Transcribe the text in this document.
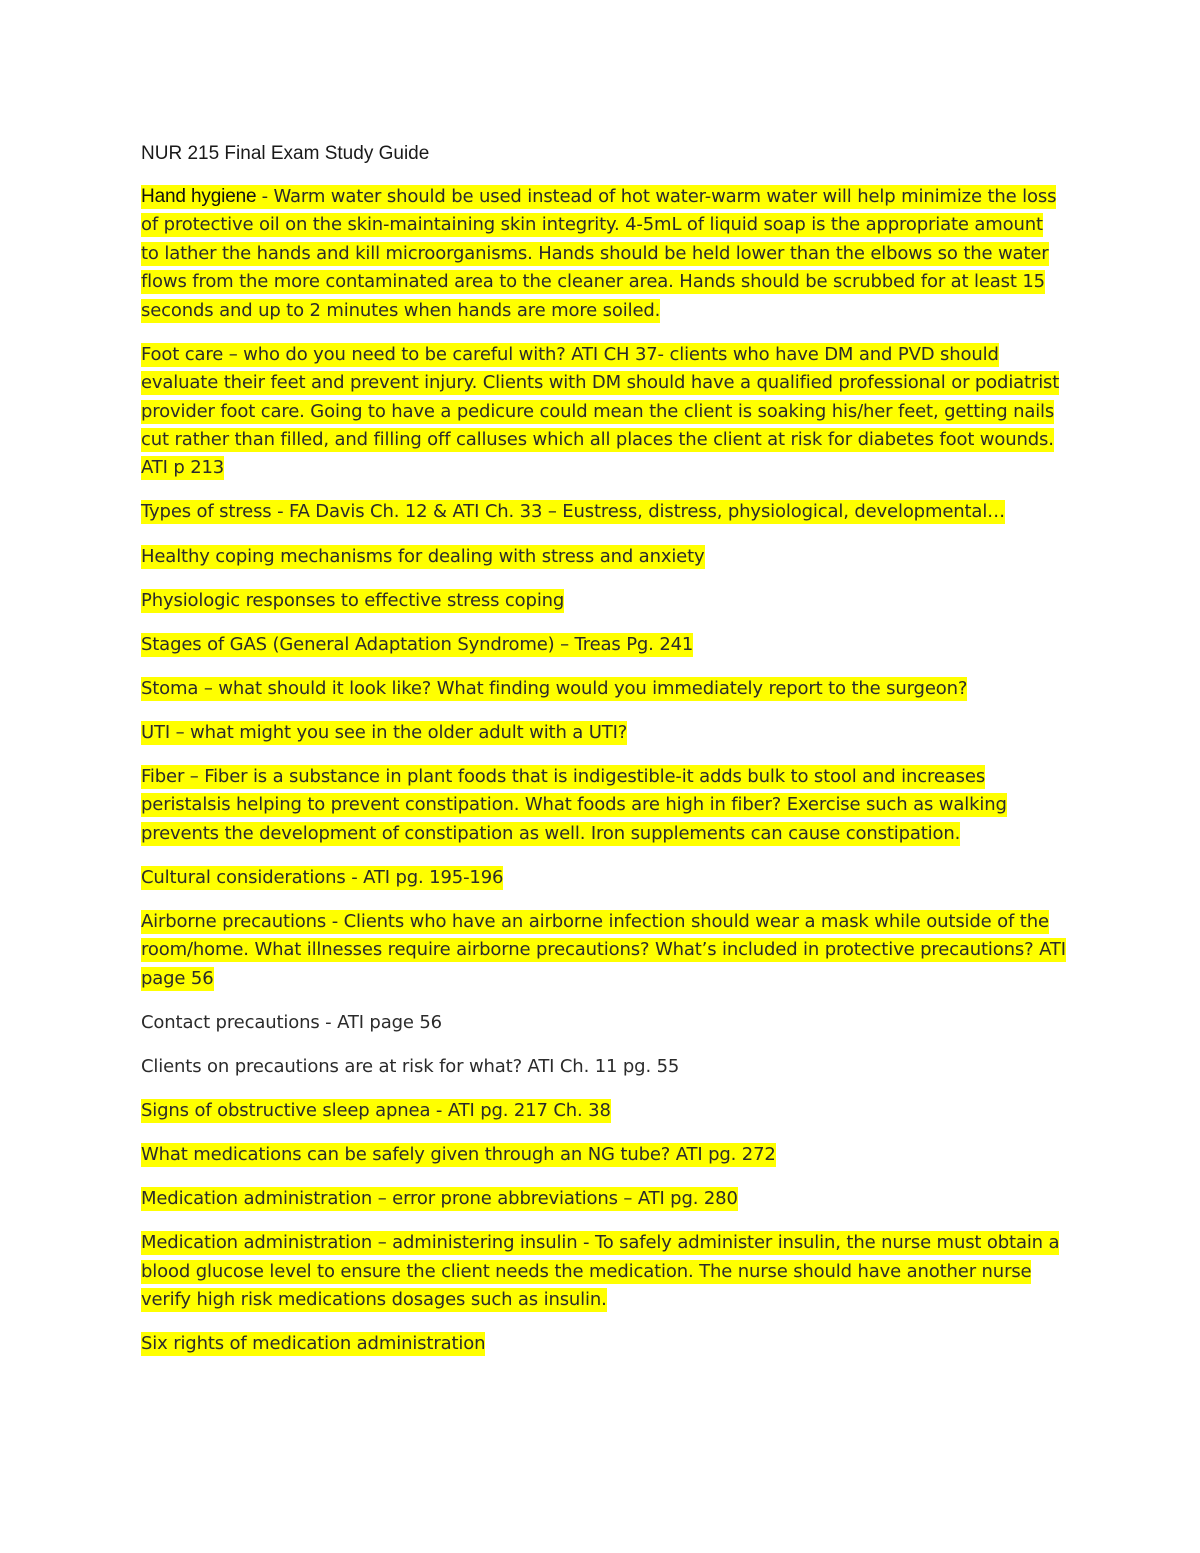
NUR 215 Final Exam Study Guide

Hand hygiene - Warm water should be used instead of hot water-warm water will help minimize the loss of protective oil on the skin-maintaining skin integrity. 4-5mL of liquid soap is the appropriate amount to lather the hands and kill microorganisms. Hands should be held lower than the elbows so the water flows from the more contaminated area to the cleaner area. Hands should be scrubbed for at least 15 seconds and up to 2 minutes when hands are more soiled.

Foot care – who do you need to be careful with? ATI CH 37- clients who have DM and PVD should evaluate their feet and prevent injury. Clients with DM should have a qualified professional or podiatrist provider foot care. Going to have a pedicure could mean the client is soaking his/her feet, getting nails cut rather than filled, and filling off calluses which all places the client at risk for diabetes foot wounds. ATI p 213

Types of stress - FA Davis Ch. 12 & ATI Ch. 33 – Eustress, distress, physiological, developmental…

Healthy coping mechanisms for dealing with stress and anxiety

Physiologic responses to effective stress coping

Stages of GAS (General Adaptation Syndrome) – Treas Pg. 241

Stoma – what should it look like? What finding would you immediately report to the surgeon?

UTI – what might you see in the older adult with a UTI?

Fiber – Fiber is a substance in plant foods that is indigestible-it adds bulk to stool and increases peristalsis helping to prevent constipation. What foods are high in fiber? Exercise such as walking prevents the development of constipation as well. Iron supplements can cause constipation.

Cultural considerations - ATI pg. 195-196

Airborne precautions - Clients who have an airborne infection should wear a mask while outside of the room/home. What illnesses require airborne precautions? What’s included in protective precautions? ATI page 56

Contact precautions - ATI page 56

Clients on precautions are at risk for what? ATI Ch. 11 pg. 55

Signs of obstructive sleep apnea - ATI pg. 217 Ch. 38

What medications can be safely given through an NG tube? ATI pg. 272

Medication administration – error prone abbreviations – ATI pg. 280

Medication administration – administering insulin - To safely administer insulin, the nurse must obtain a blood glucose level to ensure the client needs the medication. The nurse should have another nurse verify high risk medications dosages such as insulin.

Six rights of medication administration
